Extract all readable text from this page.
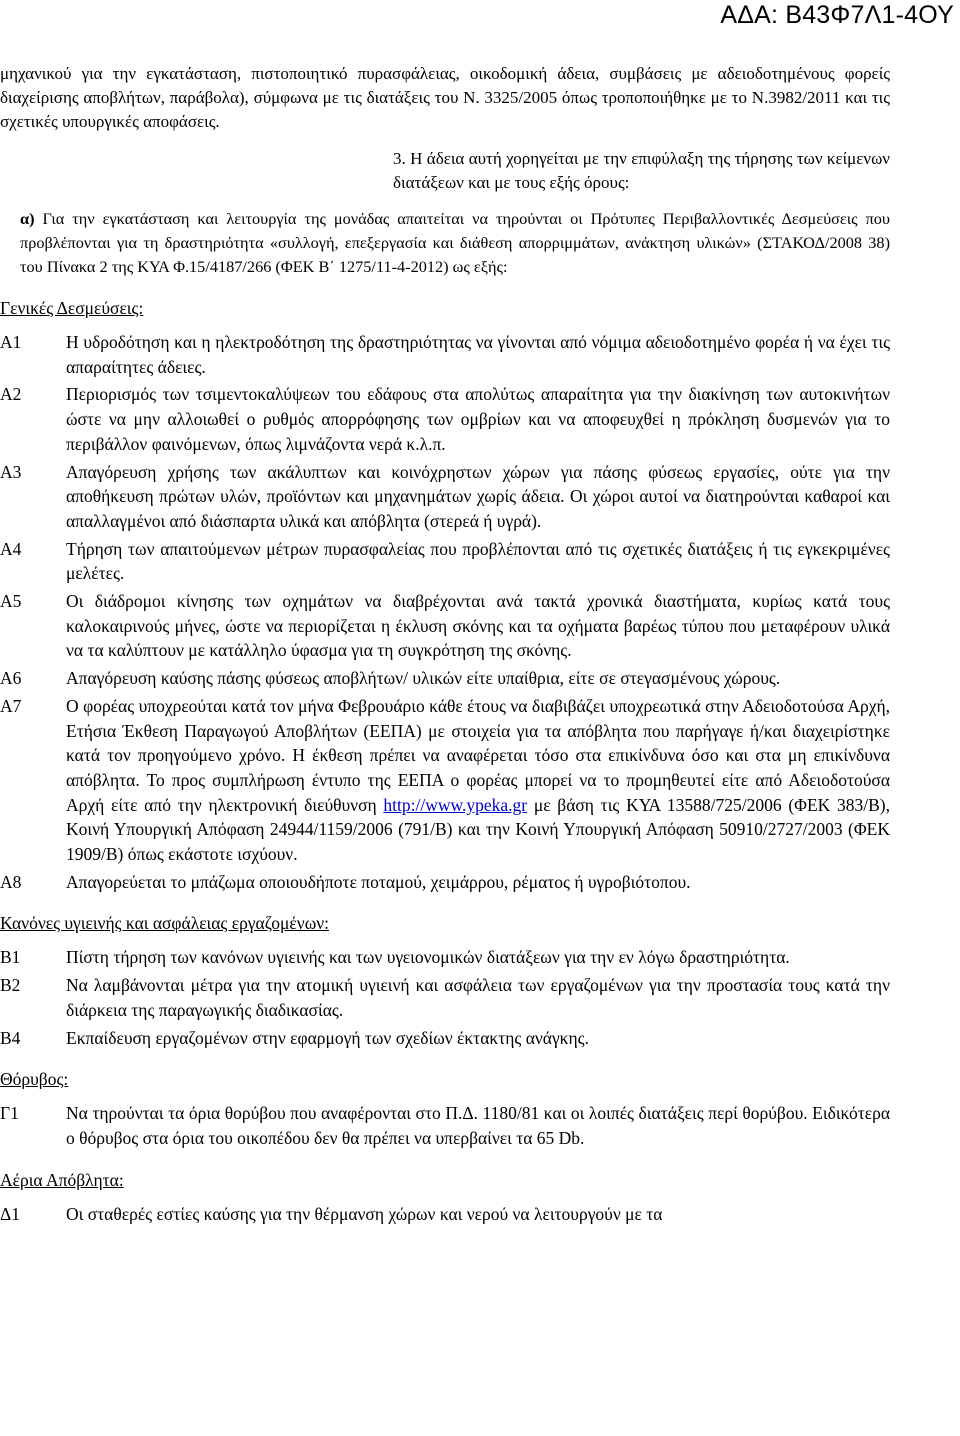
ΑΔΑ: Β43Φ7Λ1-4ΟΥ

μηχανικού για την εγκατάσταση, πιστοποιητικό πυρασφάλειας, οικοδομική άδεια, συμβάσεις με αδειοδοτημένους φορείς διαχείρισης αποβλήτων, παράβολα), σύμφωνα με τις διατάξεις του Ν. 3325/2005 όπως τροποποιήθηκε με το Ν.3982/2011 και τις σχετικές υπουργικές αποφάσεις.

3. Η άδεια αυτή χορηγείται με την επιφύλαξη της τήρησης των κείμενων διατάξεων και με τους εξής όρους:

α) Για την εγκατάσταση και λειτουργία της μονάδας απαιτείται να τηρούνται οι Πρότυπες Περιβαλλοντικές Δεσμεύσεις που προβλέπονται για τη δραστηριότητα «συλλογή, επεξεργασία και διάθεση απορριμμάτων, ανάκτηση υλικών» (ΣΤΑΚΟΔ/2008 38) του Πίνακα 2 της ΚΥΑ Φ.15/4187/266 (ΦΕΚ Β΄ 1275/11-4-2012) ως εξής:

Γενικές Δεσμεύσεις:
Α1	Η υδροδότηση και η ηλεκτροδότηση της δραστηριότητας να γίνονται από νόμιμα αδειοδοτημένο φορέα ή να έχει τις απαραίτητες άδειες.
Α2	Περιορισμός των τσιμεντοκαλύψεων του εδάφους στα απολύτως απαραίτητα για την διακίνηση των αυτοκινήτων ώστε να μην αλλοιωθεί ο ρυθμός απορρόφησης των ομβρίων και να αποφευχθεί η πρόκληση δυσμενών για το περιβάλλον φαινόμενων, όπως λιμνάζοντα νερά κ.λ.π.
Α3	Απαγόρευση χρήσης των ακάλυπτων και κοινόχρηστων χώρων για πάσης φύσεως εργασίες, ούτε για την αποθήκευση πρώτων υλών, προϊόντων και μηχανημάτων χωρίς άδεια. Οι χώροι αυτοί να διατηρούνται καθαροί και απαλλαγμένοι από διάσπαρτα υλικά και απόβλητα (στερεά ή υγρά).
Α4	Τήρηση των απαιτούμενων μέτρων πυρασφαλείας που προβλέπονται από τις σχετικές διατάξεις ή τις εγκεκριμένες μελέτες.
Α5	Οι διάδρομοι κίνησης των οχημάτων να διαβρέχονται ανά τακτά χρονικά διαστήματα, κυρίως κατά τους καλοκαιρινούς μήνες, ώστε να περιορίζεται η έκλυση σκόνης και τα οχήματα βαρέως τύπου που μεταφέρουν υλικά να τα καλύπτουν με κατάλληλο ύφασμα για τη συγκρότηση της σκόνης.
Α6	Απαγόρευση καύσης πάσης φύσεως αποβλήτων/ υλικών είτε υπαίθρια, είτε σε στεγασμένους χώρους.
Α7	Ο φορέας υποχρεούται κατά τον μήνα Φεβρουάριο κάθε έτους να διαβιβάζει υποχρεωτικά στην Αδειοδοτούσα Αρχή, Ετήσια Έκθεση Παραγωγού Αποβλήτων (ΕΕΠΑ) με στοιχεία για τα απόβλητα που παρήγαγε ή/και διαχειρίστηκε κατά τον προηγούμενο χρόνο. Η έκθεση πρέπει να αναφέρεται τόσο στα επικίνδυνα όσο και στα μη επικίνδυνα απόβλητα. Το προς συμπλήρωση έντυπο της ΕΕΠΑ ο φορέας μπορεί να το προμηθευτεί είτε από Αδειοδοτούσα Αρχή είτε από την ηλεκτρονική διεύθυνση http://www.ypeka.gr με βάση τις ΚΥΑ 13588/725/2006 (ΦΕΚ 383/Β), Κοινή Υπουργική Απόφαση 24944/1159/2006 (791/Β) και την Κοινή Υπουργική Απόφαση 50910/2727/2003 (ΦΕΚ 1909/Β) όπως εκάστοτε ισχύουν.
Α8	Απαγορεύεται το μπάζωμα οποιουδήποτε ποταμού, χειμάρρου, ρέματος ή υγροβιότοπου.
Κανόνες υγιεινής και ασφάλειας εργαζομένων:
Β1	Πίστη τήρηση των κανόνων υγιεινής και των υγειονομικών διατάξεων για την εν λόγω δραστηριότητα.
Β2	Να λαμβάνονται μέτρα για την ατομική υγιεινή και ασφάλεια των εργαζομένων για την προστασία τους κατά την διάρκεια της παραγωγικής διαδικασίας.
Β4	Εκπαίδευση εργαζομένων στην εφαρμογή των σχεδίων έκτακτης ανάγκης.
Θόρυβος:
Γ1	Να τηρούνται τα όρια θορύβου που αναφέρονται στο Π.Δ. 1180/81 και οι λοιπές διατάξεις περί θορύβου. Ειδικότερα ο θόρυβος στα όρια του οικοπέδου δεν θα πρέπει να υπερβαίνει τα 65 Db.
Αέρια Απόβλητα:
Δ1	Οι σταθερές εστίες καύσης για την θέρμανση χώρων και νερού να λειτουργούν με τα
